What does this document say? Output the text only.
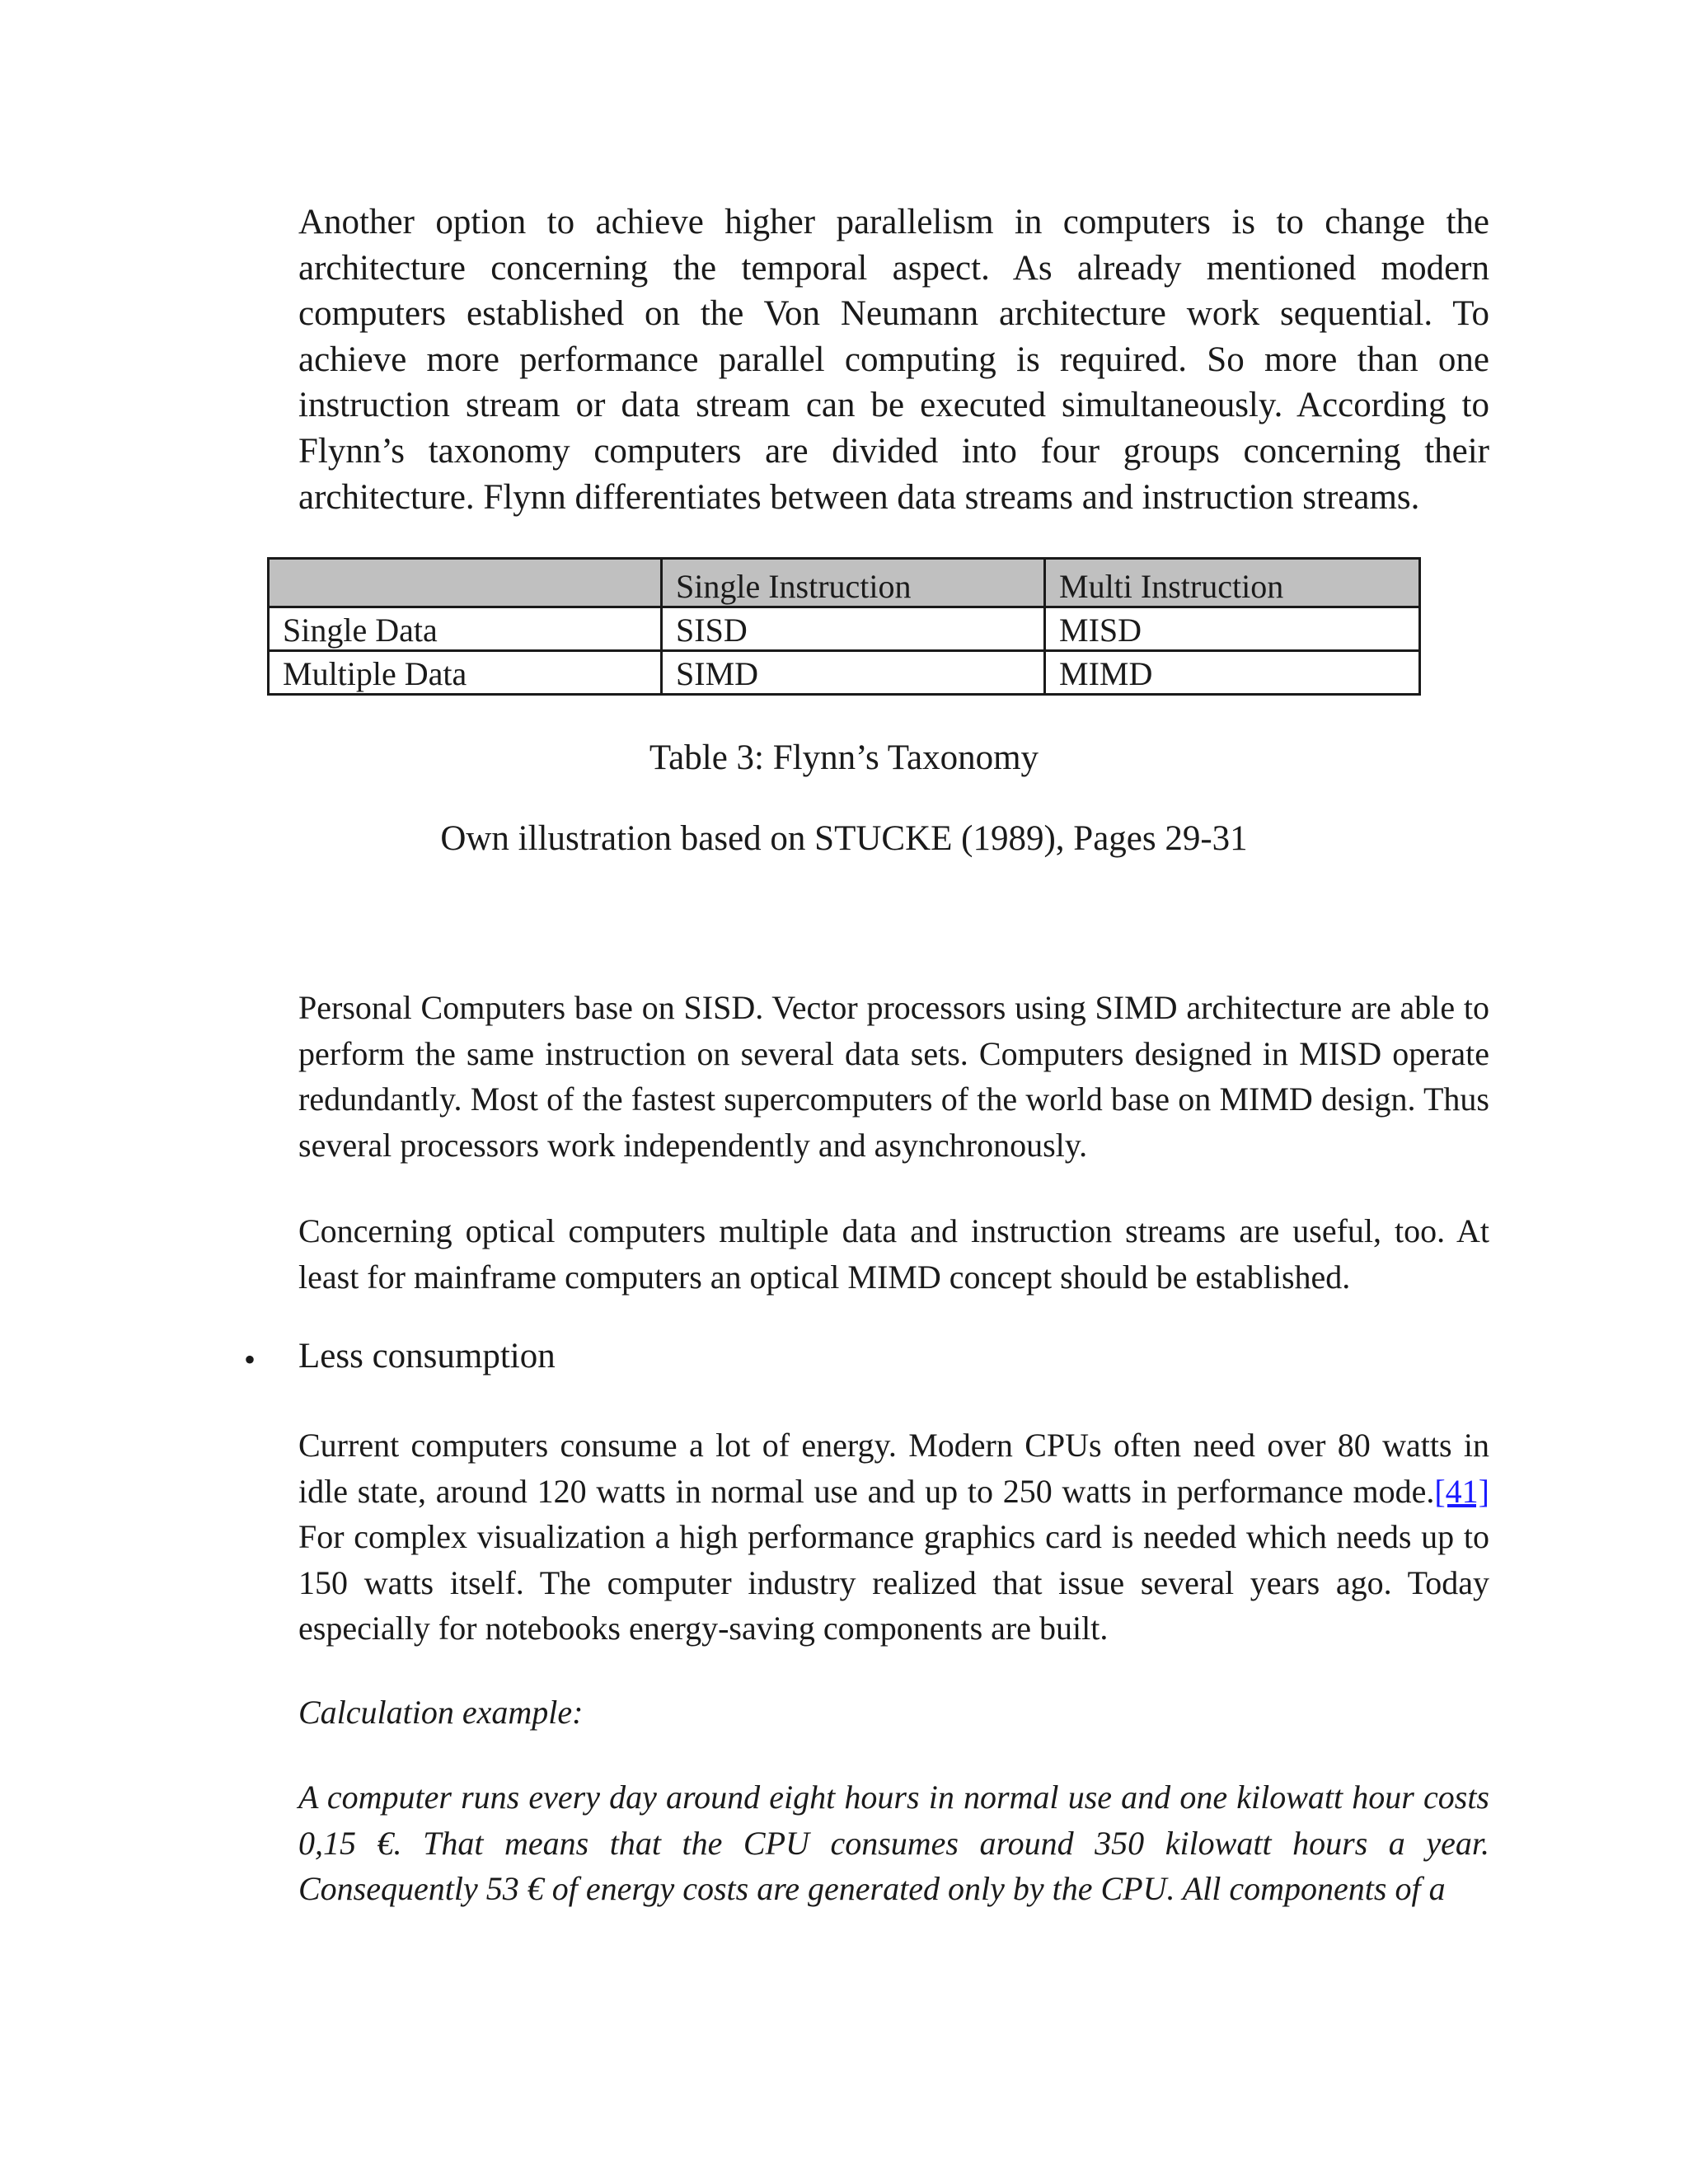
Another option to achieve higher parallelism in computers is to change the architecture concerning the temporal aspect. As already mentioned modern computers established on the Von Neumann architecture work sequential. To achieve more performance parallel computing is required. So more than one instruction stream or data stream can be executed simultaneously. According to Flynn’s taxonomy computers are divided into four groups concerning their architecture. Flynn differentiates between data streams and instruction streams.

	Single Instruction	Multi Instruction
Single Data	SISD	MISD
Multiple Data	SIMD	MIMD

Table 3: Flynn’s Taxonomy

Own illustration based on STUCKE (1989), Pages 29-31

Personal Computers base on SISD. Vector processors using SIMD architecture are able to perform the same instruction on several data sets. Computers designed in MISD operate redundantly. Most of the fastest supercomputers of the world base on MIMD design. Thus several processors work independently and asynchronously.

Concerning optical computers multiple data and instruction streams are useful, too. At least for mainframe computers an optical MIMD concept should be established.

• Less consumption

Current computers consume a lot of energy. Modern CPUs often need over 80 watts in idle state, around 120 watts in normal use and up to 250 watts in performance mode.[41] For complex visualization a high performance graphics card is needed which needs up to 150 watts itself. The computer industry realized that issue several years ago. Today especially for notebooks energy-saving components are built.

Calculation example:

A computer runs every day around eight hours in normal use and one kilowatt hour costs 0,15 €. That means that the CPU consumes around 350 kilowatt hours a year. Consequently 53 € of energy costs are generated only by the CPU. All components of a
